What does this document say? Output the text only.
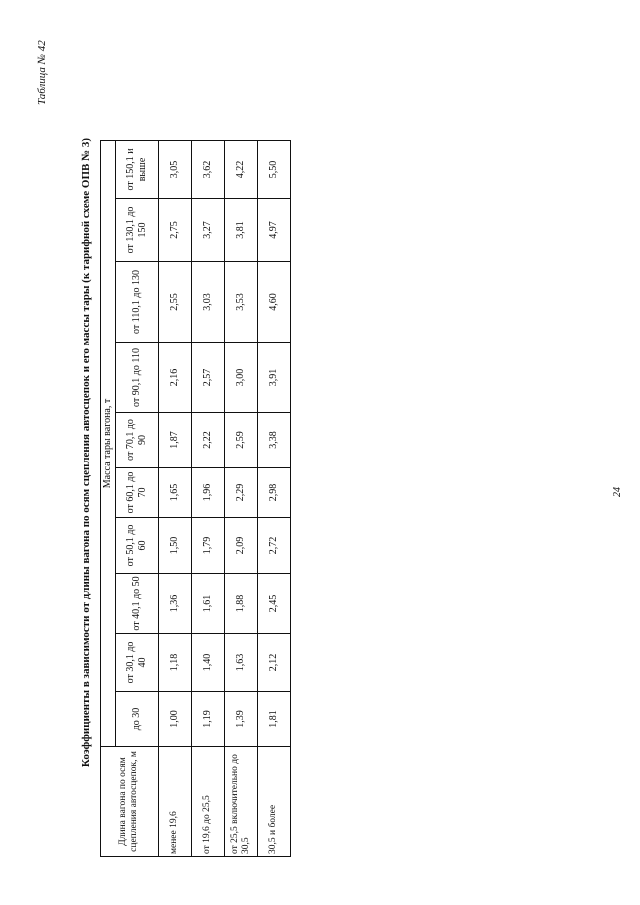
Таблица № 42
Коэффициенты в зависимости от длины вагона по осям сцепления автосцепок и его массы тары (к тарифной схеме ОПВ № 3)
Длина вагона по осям сцепления автосцепок, м	Масса тары вагона, т									
	до 30	от 30,1 до 40	от 40,1 до 50	от 50,1 до 60	от 60,1 до 70	от 70,1 до 90	от 90,1 до 110	от 110,1 до 130	от 130,1 до 150	от 150,1 и выше
менее 19,6	1,00	1,18	1,36	1,50	1,65	1,87	2,16	2,55	2,75	3,05
от 19,6 до 25,5	1,19	1,40	1,61	1,79	1,96	2,22	2,57	3,03	3,27	3,62
от 25,5 включительно до 30,5	1,39	1,63	1,88	2,09	2,29	2,59	3,00	3,53	3,81	4,22
30,5 и более	1,81	2,12	2,45	2,72	2,98	3,38	3,91	4,60	4,97	5,50
24
